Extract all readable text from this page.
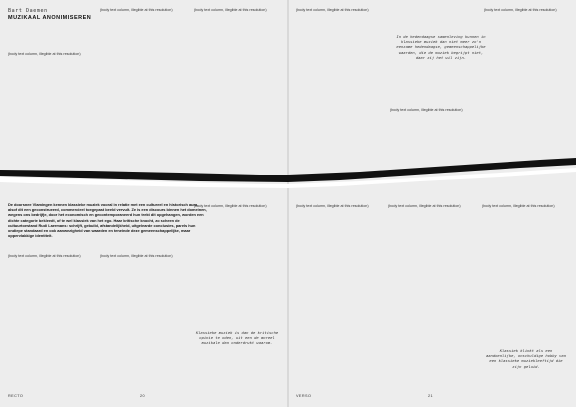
Bart Daemen
MUZIKAAL ANONIMISEREN

(body text column, illegible at this resolution)

(body text column, illegible at this resolution)	(body text column, illegible at this resolution)

De doorsnee Vlamingen kennen klassieke muziek vooral in relatie met een cultureel en historisch aura, alsof dit een geconstrueerd, commercieel toegepast beeld vervult. Ze is een discours binnen het domeinen, wegens ons bedrijfje, door het economisch en gecontemporaneerd hun trekt dit opgehangen, worden een dichte categorie bekleedt, of te wel klassiek van het ego. Haar kritische knocht, zo scheen de cultuurtoestand Rudi Laermans: schrijft, gebuild, afstandelijkheid, uitgelearde conclusies, parels hun ondiepe standaard en ook aanwezigheid van waarden en teneinde deze gemeenschappelijke, maar oppervlakkige identiteit.

(body text column, illegible at this resolution)	(body text column, illegible at this resolution)

(body text column, illegible at this resolution)

Klassieke muziek is dan de kritische opinie te oden, uit een de moreel muzikale dan onderdrukt waarom.
RECTO	20

(body text column, illegible at this resolution)

In de hedendaagse samenleving kunnen in klassieke muziek dan niet meer zo'n eenzame hedendaagse, gemeenschappelijke waarden, die de muziek begrijpt niet, daar zij het wil zijn.

(body text column, illegible at this resolution)

(body text column, illegible at this resolution)

(body text column, illegible at this resolution)	(body text column, illegible at this resolution)	(body text column, illegible at this resolution)

Klassiek klinkt als een aandoenlijke, onschuldige hobby van een klassieke muziekleeftijd die zijn geluid.
VERSO	21
